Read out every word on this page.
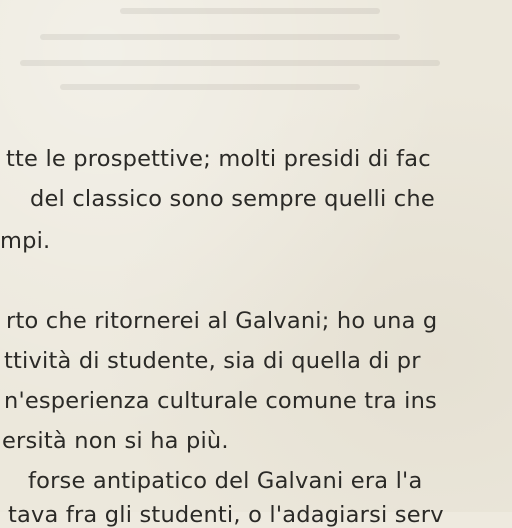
tte le prospettive; molti presidi di fac
del classico sono sempre quelli che
mpi.
rto che ritornerei al Galvani; ho una g
ttività di studente, sia di quella di pr
n'esperienza culturale comune tra ins
ersità non si ha più.
forse antipatico del Galvani era l'a
tava fra gli studenti, o l'adagiarsi serv
